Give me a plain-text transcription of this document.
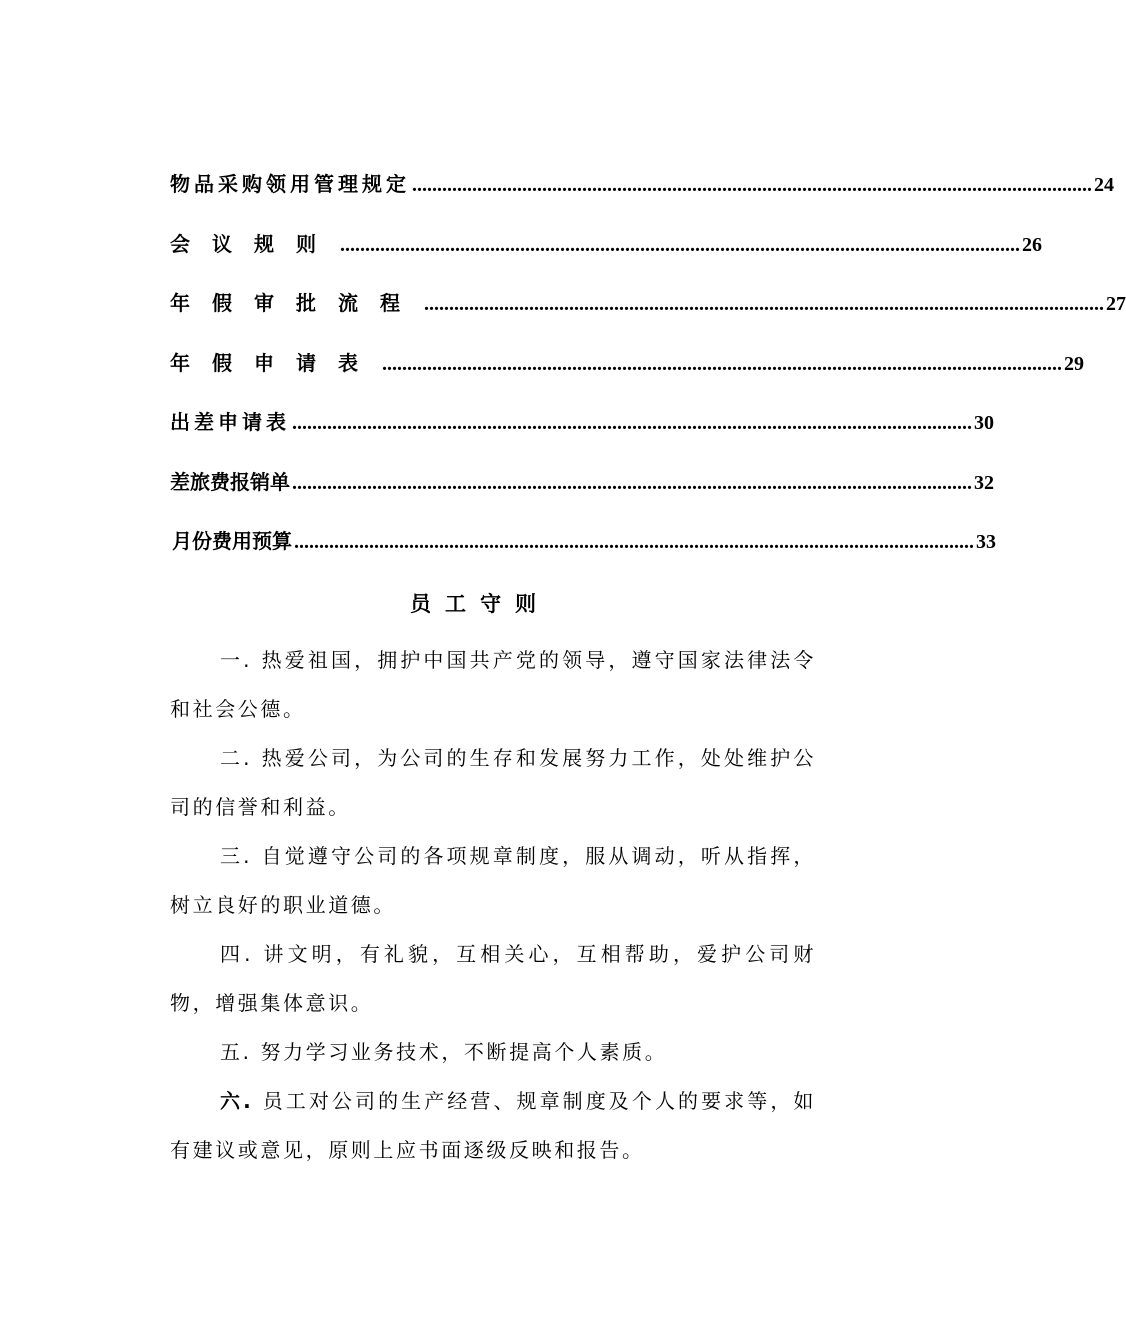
物品采购领用管理规定 ........................................................................................................................................ 24
会议规则 ........................................................................................................................................ 26
年假审批流程 ........................................................................................................................................ 27
年假申请表 ........................................................................................................................................ 29
出差申请表 ........................................................................................................................................ 30
差旅费报销单 ........................................................................................................................................ 32
月份费用预算 ........................................................................................................................................ 33
员工守则

一. 热爱祖国，拥护中国共产党的领导，遵守国家法律法令和社会公德。

二. 热爱公司，为公司的生存和发展努力工作，处处维护公司的信誉和利益。

三. 自觉遵守公司的各项规章制度，服从调动，听从指挥，树立良好的职业道德。

四. 讲文明，有礼貌，互相关心，互相帮助，爱护公司财物，增强集体意识。

五. 努力学习业务技术，不断提高个人素质。

六. 员工对公司的生产经营、规章制度及个人的要求等，如有建议或意见，原则上应书面逐级反映和报告。
